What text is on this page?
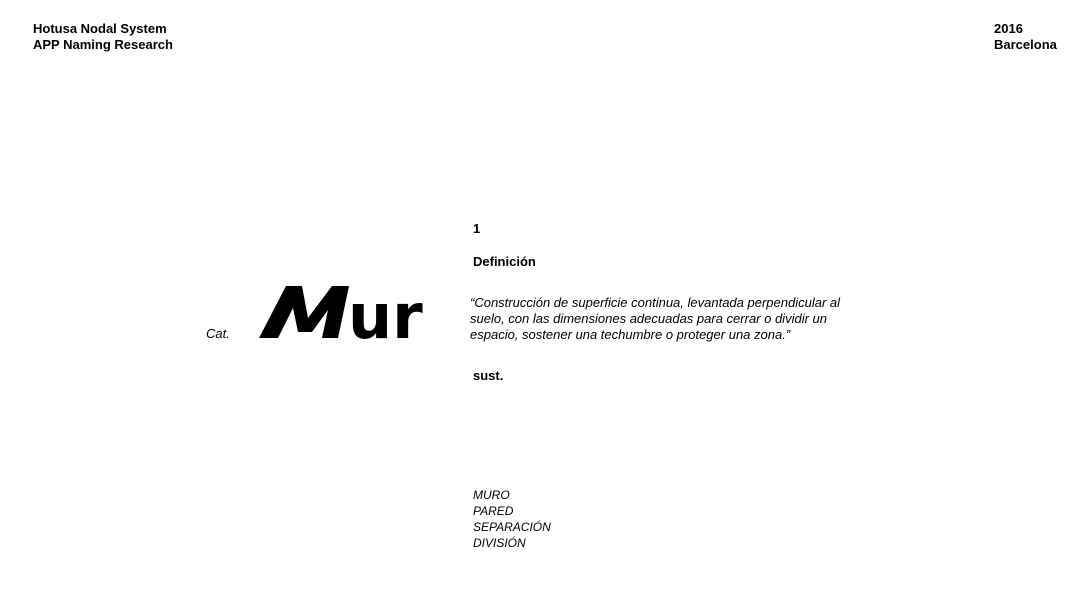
Hotusa Nodal System
APP Naming Research
2016
Barcelona
Cat. ur
1
Definición
“Construcción de superficie continua, levantada perpendicular al
suelo, con las dimensiones adecuadas para cerrar o dividir un
espacio, sostener una techumbre o proteger una zona.”
sust.
MURO
PARED
SEPARACIÓN
DIVISIÓN
